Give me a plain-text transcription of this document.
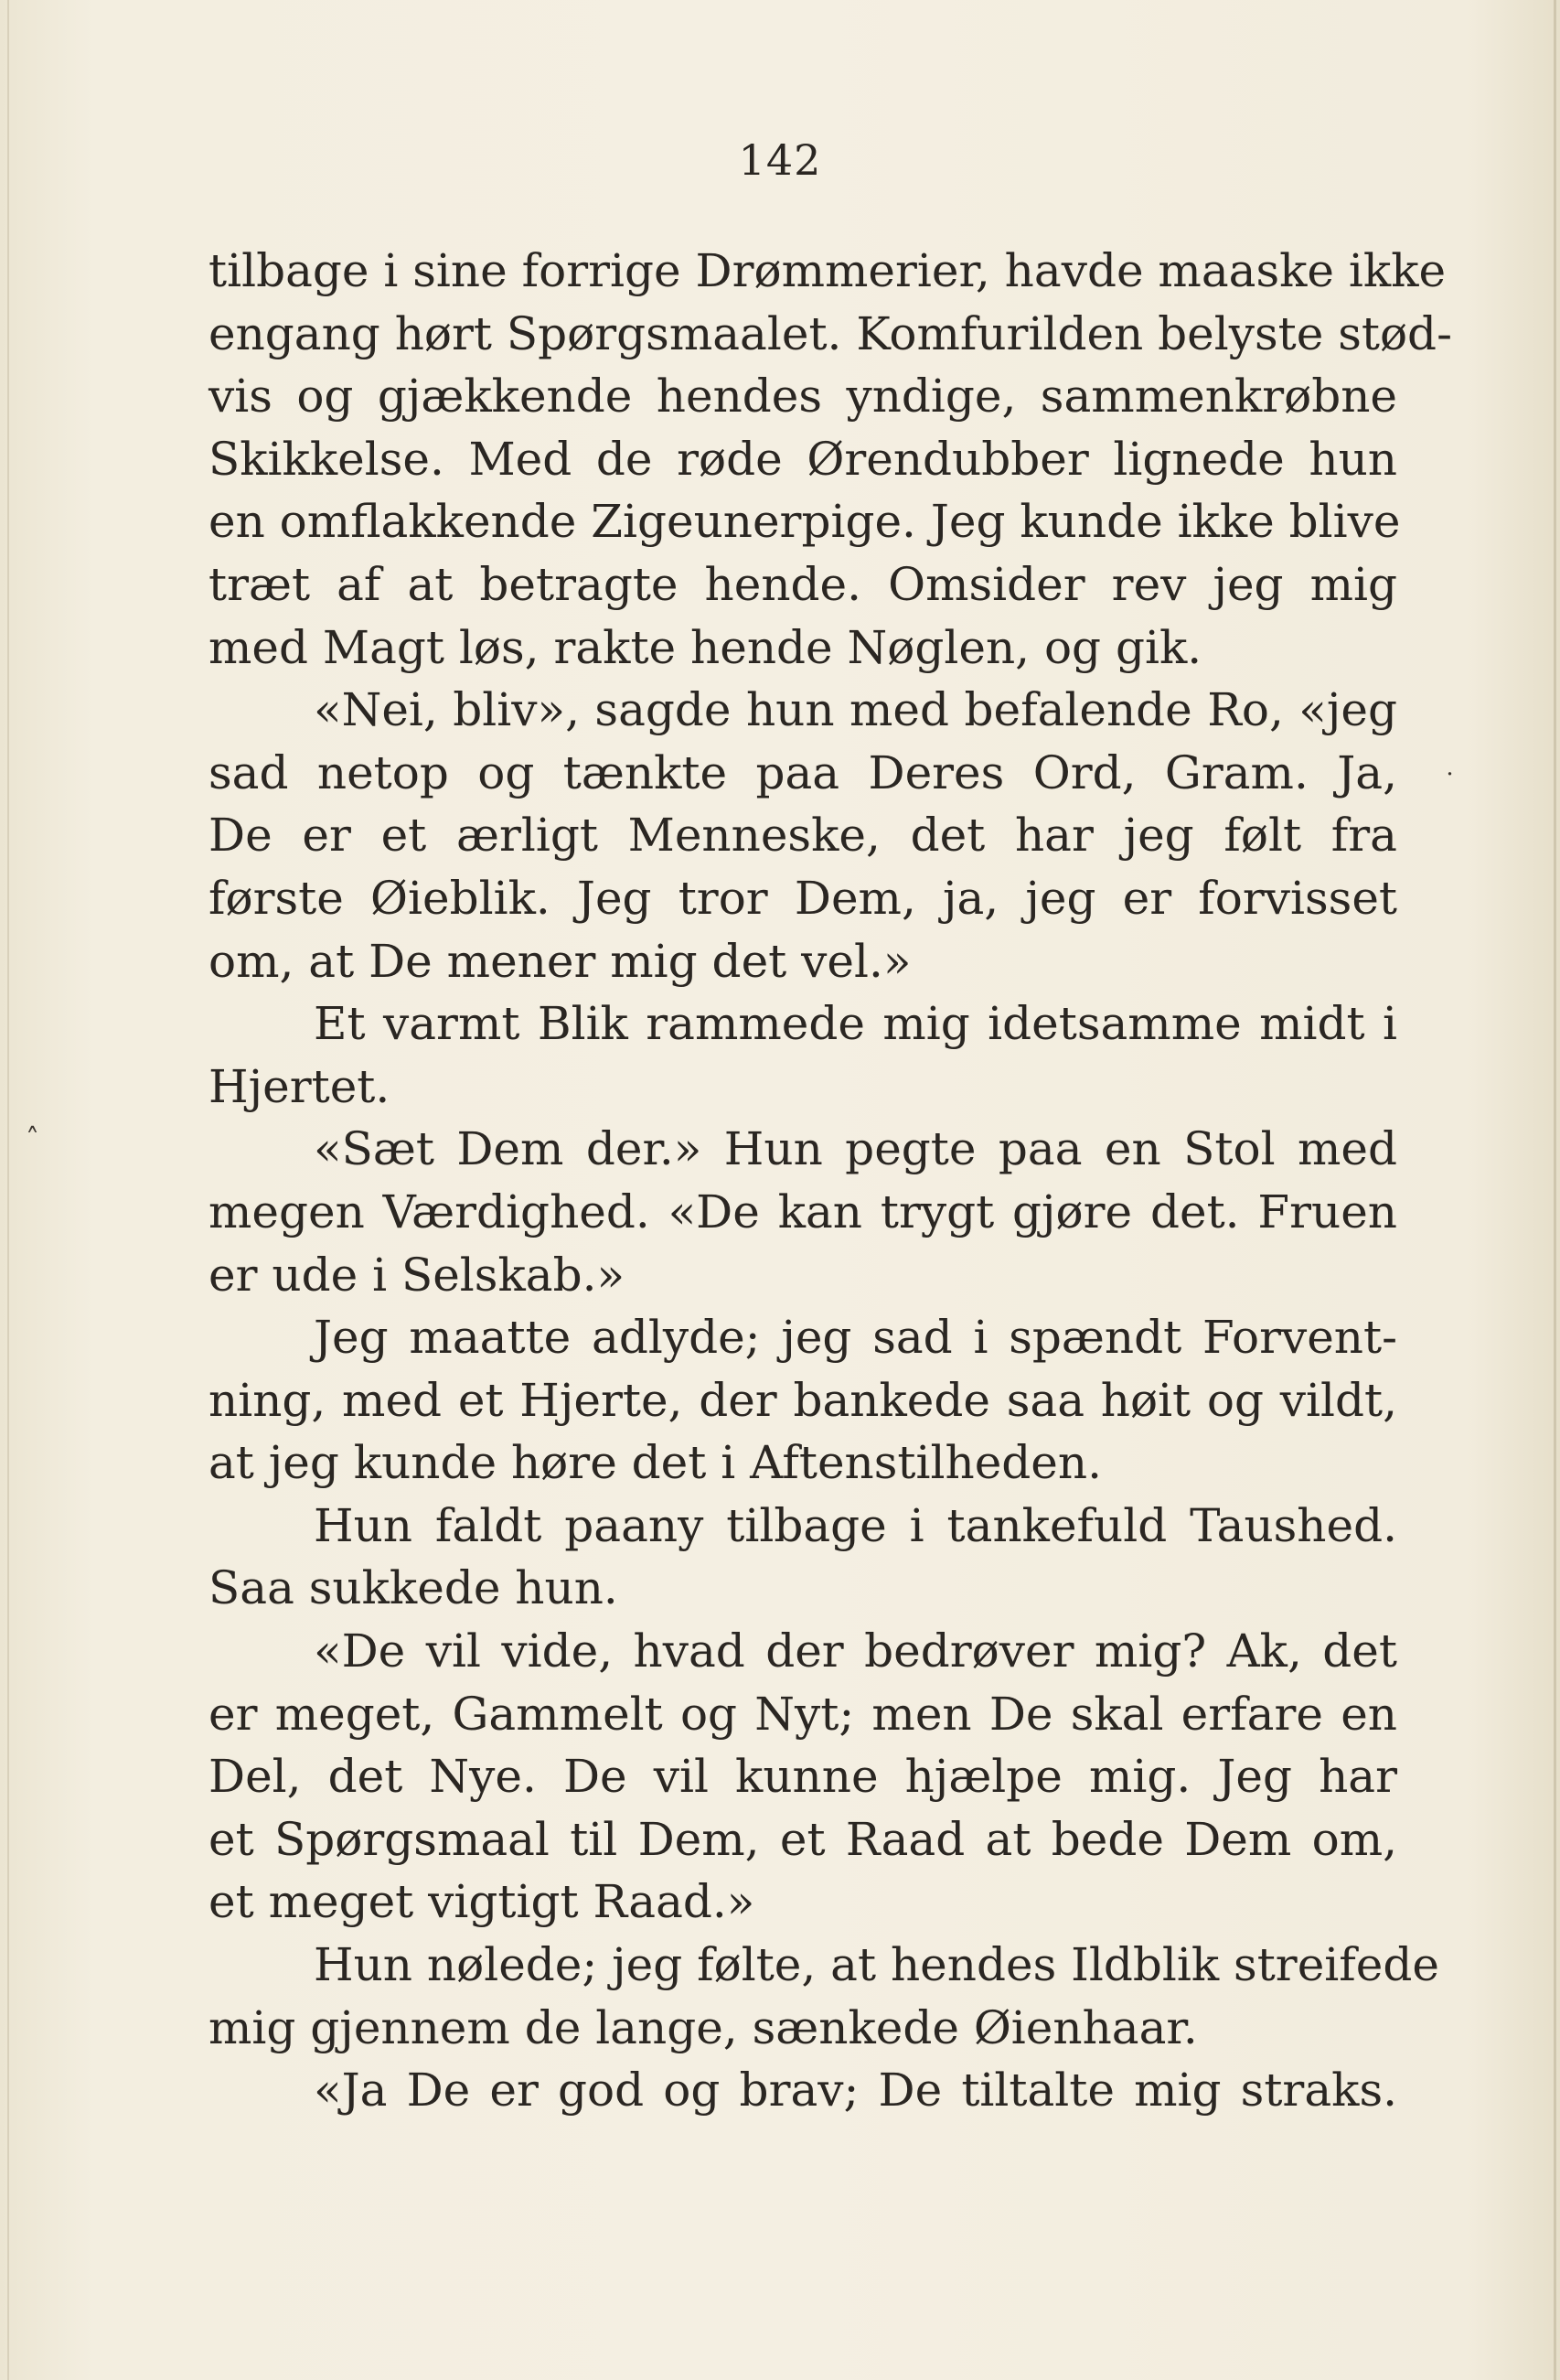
142
tilbage i sine forrige Drømmerier, havde maaske ikke
engang hørt Spørgsmaalet. Komfurilden belyste stød-
vis og gjækkende hendes yndige, sammenkrøbne
Skikkelse. Med de røde Ørendubber lignede hun
en omflakkende Zigeunerpige. Jeg kunde ikke blive
træt af at betragte hende. Omsider rev jeg mig
med Magt løs, rakte hende Nøglen, og gik.
«Nei, bliv», sagde hun med befalende Ro, «jeg
sad netop og tænkte paa Deres Ord, Gram. Ja,
De er et ærligt Menneske, det har jeg følt fra
første Øieblik. Jeg tror Dem, ja, jeg er forvisset
om, at De mener mig det vel.»
Et varmt Blik rammede mig idetsamme midt i
Hjertet.
«Sæt Dem der.» Hun pegte paa en Stol med
megen Værdighed. «De kan trygt gjøre det. Fruen
er ude i Selskab.»
Jeg maatte adlyde; jeg sad i spændt Forvent-
ning, med et Hjerte, der bankede saa høit og vildt,
at jeg kunde høre det i Aftenstilheden.
Hun faldt paany tilbage i tankefuld Taushed.
Saa sukkede hun.
«De vil vide, hvad der bedrøver mig? Ak, det
er meget, Gammelt og Nyt; men De skal erfare en
Del, det Nye. De vil kunne hjælpe mig. Jeg har
et Spørgsmaal til Dem, et Raad at bede Dem om,
et meget vigtigt Raad.»
Hun nølede; jeg følte, at hendes Ildblik streifede
mig gjennem de lange, sænkede Øienhaar.
«Ja De er god og brav; De tiltalte mig straks.
˄
˙
